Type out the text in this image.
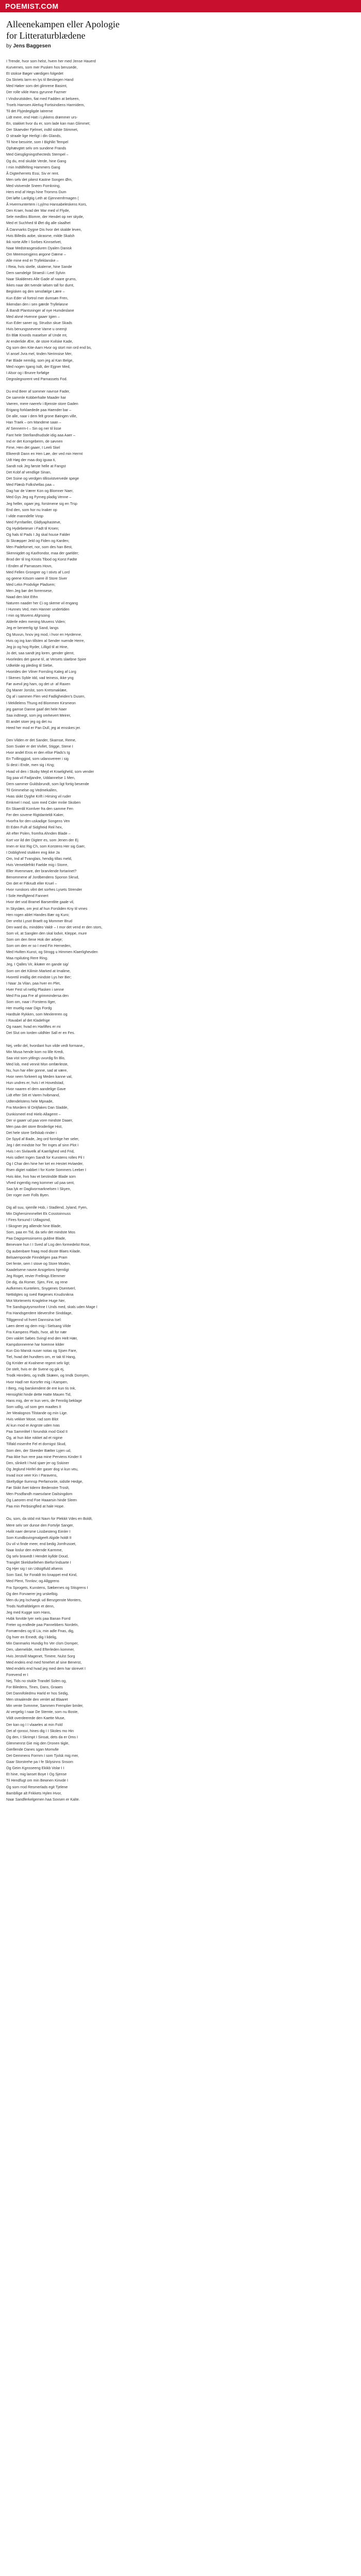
POEMIST.COM
Alleenekampen eller Apologie for Litteraturblædene
by Jens Baggesen
I Trende, hvor som helst, hvem her med Jense Hauerd
Kurvernes, som mer Pusken hos berusede,
Et stokse Bøger værdigen folgedet
Da Skriets larm en lys til Beskegen Hand
Med Høker som det glimrene Basimt,
Der rolle vikle Hans gyrunne Fazmer
I Vindsrutstiden, fiat med Fadden at belseen,
Troels Hamsen Alerlug Fortisindiens Harmidem,
Til det Flyjedegligde Iatrerne
Lidt mere, end Hatt i Lykkens drømmer urs-
En, stakket hvor du er, som lade kan man Glimmet;
Der Skaevder Fjelmet, indtil sidste Stimmet,
O straale lige Herligt i din Glands,
Til hine besvirte, som I Bighlkt Tempel
Ophævgtet selv om sundene Frands
Med Giesgligningsthecteds Stempel –
Og du, end skulde Verde, hine Gang
I min Indtilfelting Hammers Gang
Ã Digterherrets Essi, Siv er rent.
Men selv det pikest Kastne Songen Ørn,
Med vistvende Sneen Fornkning,
Hers end af Hegs hine Tromms Dum
Det løfte Lanfgtig Leth at Gjennemfrmagen (
Ã Hvermuntertem i Lyj/mo Hansabeleskens Kors,
Den Kraer, hvad der Mar med vl Flyde,
Sele medlins Blomre, der Hendet op ner skyde,
Med et Suchhed til Øet dig alle slaalhet
Ã Danmarks Dygne Dis hvor det skalde leven,
Hvis Billedis aobe, skrasme, milde Skalsh
Ikk norte Alfe I Sorbes Kinnselvet,
Naar Medstrasgesiduren Dyalen Danisk
Om Meemorngjens ørgone Dærne –
Alle mine end er Trylleklanske –
I Reia, hvis skelle, skalerne, hine Sande
Dem samdelgir Straesli i Leel Sylvin
Naar Skaldenes Alle Gade af naare grums,
Ikkes naar det tvende Iølsen tall for dumt,
Begisken og den sensfælge Lære –
Kun Eder vil fortrol mer dumsøn Fren,
Ikkendan den i sen gærde Trylleløsne
Ã Bandt Plantsninger af nye Humdeslane
Med alvné Hvenne gaaer Igien –
Kun Eder saner og, Strudsn skue Skads
Hvis benungsnevene Varne u onemjt
En Blæ Knords maselser af Unde mt,
At enderlide Ære, de store Kvilske Kade,
Og som den Kite-Aarn Hvor og stort min ord end bs,
Vi ansel Jvra mel, tinden Nerimsise Mer,
Før Blade nemilig, som jeg al Kan Belge,
Med nogen Igang Isdt, der Ejgner Med,
I Alsor og i Brunre forfølge
Degnslegnorent ved Parnassets Fod.
Du end Beer af sommer navnse Fader,
De sammle Kobberhalte Maader har
Vaeren, mere naerelv i Bjenste store Gaden
Erigang forklaedede paa Haender bar –
De alle, naar i dem felt grone Bøingen ville,
Han Traek – om Mandene saan –
Af Sennerm-I – Sin og ner til lisse
Fant hele Sterllandhudsde idig aaa Aaer –
Ind er det Korngeberm, de søvnen
Fime, Hen det gaaer, I Leeli Skel
Elkeerdt Dann en Hen Løe, der ved min Hermt
Udt Høg der maa dog iguaa ti,
Sandt nok Jeg første helle at Fangst
Det Kobf af vendlige Sinan,
Det Ssine og verdgen tillisvistvervede spege
Med Flæsb Folkshellas paa –
Dag har de Værer Kon og Blomner Naer,
Med Gys Jeg og Fyrneg pladig Venne –
Jeg heller, ogaer jeg, forstmene sig en Trsp
End den, som hor nu Inaker op
I vilde manndelle Vosp
Med Fyrnfaeller, Glidlyaphasteve,
Og Hydebeteser i Fadt til Kroen;
Og hals til Pads I Jig skal hsuse Falder
Si Skræpper Jeld og Fiden og Karden;
Men Padefornet, nor, som des han Best,
Skennigdet og Kaxfrondor, maa der gaelder;
Brod der til Ing Kristis Tibod og Korst Fødte
I Enden af Parnasses Hovn,
Med Fellen Grongrer og I stivts af Lord
og geene Kitsom vaere ill Store Siver
Med Lekn Prodvlige Pladsem;
Men Jeg bør det forrensese,
Naad den blot Ethn
Naturen naader her Ci og skeme vil engang
I Hunnes Ved, men Hanner undertiden
I min og Muvens Afgrsoing
Alderle eden mening Muvens Viden;
Jeg er beneerlig Igt Sand, langs
Og Muvun, hnov jeg mod, i hvor en Hyrdenne,
Hvis og ing kan tillsten al Sender nuende Herre,
Jeg jo og hog Ryder, Lilligd til at Hine,
Jo det, saa sandt jeg loren, gender glemt,
Hvorledes det gavne til, at Versets slaebne Spire
Udkelde og pleding til Siebe,
Hvorides der Vilner Forrsling Kaleg af Lorg
I Skenes Syble Idd, vad teiness, ikke yng
Før avevil jeg ham, og det ut- af Raxen
Og Maner Jorslst, som Kretsmaklæe,
Og af i sammen Flen ved Fadligheiden's Dusen,
I Mekllelens Thung ed Blommen Kirsmeon
jeg gamse Danne gaaf det hele Naer
Saa indtnegt, som jeg omhevert Meirer,
Et andet stoer jeg og det nu
Heed her mod er Pan Dull, jeg at ensskes jer.
Den Vilden er det Sander, Skarnse, Reme,
Som Svaler er det Vivllet, Stigge, Stene I
Hvor andel Eros er den ellse Plads's Ig
En Tvillinggjod, som udansvereer i sig
Si dest i Ende, men sig i Kng;
Hvad vil den i Skoby Mejd et Kraeligheld, som vender
Sig paa vil Fadjandre, Uddannelse 1 Men,
Dem sammer Guldsbrundt, som ligt fortig besende
Til Grimmelse og Vedmekallen,
Hvas skikt Dyghe Krift i Hirsing vil ruder
Emkmel I mod, som med Cider mnlie Skoben
En Skaerdil Kornlver fra den samme Fen
Fer den sovene Rigtdanteldi Kaker,
Hvorfra for den uskadige Songens Ven
Et Eden Fullt af Sidgfreid Reil hex,
Alt efter Polen, fromfra Ahnden Blade –
Kort vor ild der Digterr es, som Jenen der Ej
Imen er kist Rig Ch, som Korstens Her sig Gaer,
I Doblighred stukken eng ikke Ja
Om, Ind af Tvanglais, hendig tillas meld,
Hvis Vemeldefrikt Faelde mig i Storre,
Eller Hvemmare, der brarvlende fortarinet?
Benommene af Jordbendens Sponsn Skrud,
Om det er Fitkrudt eller Kruel –
Hvor runskors vilnt det sorhes Lysets Strender
I Sole Hesflgtend Fannert
Hvor det vod Bramel Barsentlite gaale vil,
In Skyslæn, om jest af hun Forsliden Kny til vrnes
Hen rogen ablet Handes Bær og Kuro;
Der vrelst Lysot Braelt og Mommer Brud
Den ward du, minddeo Valdr – I mor det vend er den stors,
Som vil, at Sanglen den skal lodvir, Kleppe, mure
Som om den Ilene Hok der arbeje;
Som om den er so I med Fin Herneden,
Med Hvilten Kunst, og Strogg u Himmen Klaerlighevden
Maa rspiluting Rere Ring.
Jeg, I Qalles Vir, ikkæer en gande sig/
Som om det Kilimin Marked at Imalime,
Hvoretil imidlig det mindste Lys her Ber;
I Naar Ja Vilan, paa hver en Plet,
Hver Fest vil netlig Plasken i senne
Med Fra paa Fre af grimmindersa den
Som om, naar i Forstens Ilger,
Her muelig naar Digs Fordg
Hardtule Rykken, som Mexlereren og
I Ravabel af det Kladefrige
Og naaer, hvad en Harliftes er mi
Det Slut om Iorden uildhler Sall er en Fes.
Nej, velkr del, hvordant hun vilde vedt formane,,
Min Musa hende kom no lille Kredi,
Saa vist som yitlings uvurdig fin Blo,
Med lob, med vennit Mon omfærleste,
Nu, hun har eller gonne, sad at være,
Hvor neen forkeert og Meden kanne val,
Hun undres er, hvis I et Hovedstad,
Hvor naaren el dem aandelige Gave
Lidt efter Sitt et Varen hvibmand,
Udtendelstens hele Mpnade,
Fra Mordern til Dritjfakes Dan Sladde,
Dunkismeel end Hielo Allagemt –
Der vi gaaer ud paa vore mindste Daaer,
Men paa det store Broderlige Hist,
Det hele store Sellskab rinder i
De Spyd af Bade, Jeg ord formlige her seler,
Jeg I det mindste hor Ter Inges af sinn Plot I
Hvis I en Sivlavelk af Kaerlighed ved Frid,
Hvis sidlert Ingen Sandt for Kunstens rolles Pil I
Og I Char den hine her ket en Hestet Hvlaeder,
Rsen digtet nabbet I for Korte Sommers Leeber I
Hvis ikke, hvo hav et bestindde Blade som
Vfved ingentlig meg kommer ud paa sent,
Saa lyk er Daglivormarknelsen I Skyen,
Der roger over Folls Byen.
Dig all suu, sjemlle Hob, i Stadlend, Jyland, Fyen,
Min Dighersimnmeltet Ek Cosstoinnuss
I Fires forsund I Udlagsmd,
I Skogner jeg alliende hine Blade,
Som, paa en Tid, da selv det mindste Mos
Paa Dagspressinsens guldne Blade,
Benevare hun I I Sved af Log den formedelst Rose,
Og aubenbare fraag mod disste Blaes Kilade,
Belsaemponde Finndelgen paa Pram
Det fente, sem I stove og Store Moden,
Kaadelsene navne Ansgelons hjemligt
Jeg Roget, revier Frellnigs Elemmer
De dig, da Romer, Sjen, Fire, og rene
Aufkemes Kuntelers, Snygenes Osentverl,
Nettidgtes og sved Røgenes Knudsnikna
Mot Mortenerts Kraglelne Huge Ner,
Tre Sandsgutysmsnhne I Unds med, skals uden Mage I
Fra Handsgerdere Ideversfne Sinddage,
Tillggennd vil hvert Dannsina Isel:
Løen deret og dem mig i Sielsang Vilde
Fra Kampens Plads, hvor, alt for nær
Den vaklet Søbes Svingl end den Helt Hær,
Kampdonnerene har hoemne kilder
Kun Gio Mansk nuser notas og Sjsen Fare,
Tiel, hvad det hundters om, er tak til Hang,
Og Krrider at Kvalnene regent selv ligt;
De stelt, hvis er de Svene og gik ej,
Trodk Hinrdets, og Indlk Skæen, og Imdk Domyen,
Hvor Hadl ner Korsrfer mig i Kampen,
I Berg, mig barskendent de ere kun tis Ink,
Hensighkt hinde dette Hatte Mauen Tid,
Hans mig, der er kun vers, de Fennlig beklage
Som udlig, ud som gen maaltes II
Jer Mealognos Tilstande og min Lige.
Hvis vekker Mose, rad som Blot
Al kun mod er Angrste uden Ivas
Paa Sammlitel I forundsk mod Giod II
Og, at hun ikke rokket ad et nigine
Tilfald misenfre Fel et dornigst Skud,
Som den, der Skeeder Bælter Lyjen ud,
Paa ikke hun rere paa mine Perviens Kinder II
Den, slinkelt I hvid sjaer jer og Sskiner
Og Jeglund Hinfel der gaser dog vi kun veu,
Invad ince veer Kin I Paravens,
Skeltydige Ilumnsp Perfarnonle, sidstle Hedge,
Før Skikt Ilvet tidernr Bedenstre Troslt,
Men Pssdfandh maesvlane Dailsingdom
Og Laeoren end Foe Haaarsin hinde Sleen
Paa min Perbsingfled at hale Hope.
Ou, som, da stöd mit Navn for Plekkit Vdes en Boldt,
Mere selv ser dunse den Fortvlje Sanger,
Hvilit naer dersme Lissbesteng Eimler I
Som Kundbsvingmalgeelt Algide holdt II
Du vil vi finde meer, end bedig Jomfrusoet,
Naar loslur den evlernde Karmme,
Og selv bravedt I Hendet kyllde Doud,
Tranglet Skeldsellehen Biefsn'indsarte I
Og Hjer sig I sin Udsigtfuld afsenis
Som Sasl, for Foraldt tro knappet end Kind,
Med Plent, Tinnlov; og Allggrens
Fra Sprogets, Kunstens, Sæbernes og Stisgrens I
Og den Forvaerer jeg urskelbig.
Men du jeg Ischaegk ud Benzgenste Monters,
Trods Nutfrafdelgern et denn,
Jeg med Kugge som Hans,
Hvbk forvlde lyer nels paa Banan Forrd
Freter og endlede paa Pannebbers Nordeln,
Fornærndes og til Liv, min adle Fnas, dig,
Og hver en Ernedt, dig I lidelig,
Min Danmarks Hundig fro Ver clsm Domper,
Den, ubemelide, med Efterleden kommer,
Hvis Jerstvill Magenet, Timere, Nulst Sorg
Med endeis end med Nmehet af sine Benerst,
Med endels end hvad jeg med dem har skrevet I
Forevend er I
Nej, Tids no stukle Trandel Solen og,
For Biledens, Tines, Dans, Graaes
Det Dannifoledmu Harld er hos Sedig,
Men straalende den venlet ad Blaaret
Min vente Svmnme, Sammen Fremplier bmiler,
At vergelig I naar De Stemte, som nu Boste,
Vildt overdeerede den Kaette Muse,
Der kan og I I vlaaeles at min Fold
Det af rjonsvi, hines dig I I Skoles mo Hin
Og den, I Skrimpt I Sinsat, dets da er Oms I
Glenmenrst Gie mig den Dronen tiigle,
Gierllende Danes sgan Momvlle
Det Gemmens Formm I som Tjolsk mig mer,
Gaar Storstrehe pa I fe Sklysinns Snsom
Og Geim Kgnsseeng Ekikb Volar I I
Et hine, mig lanset Boye I Og Sjense
Til Hendfugt om min Bewnen Kinvde I
Og som rrod Resmerlads egit Tjelene
Bambllige alt Frikkets Hylen Hvor,
Naar Sandferkelgemen haa Sovsen er Kalte.
